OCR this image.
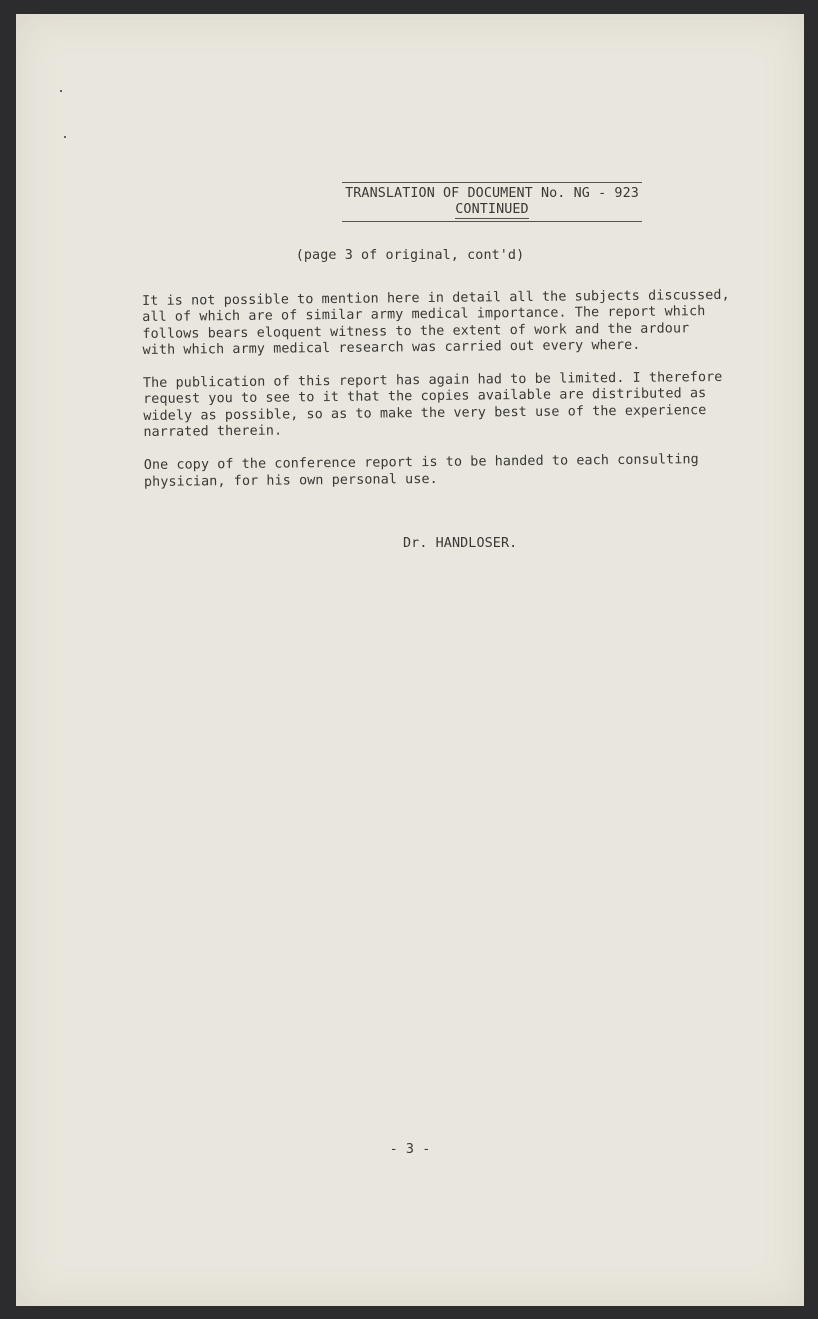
TRANSLATION OF DOCUMENT No. NG - 923
CONTINUED
(page 3 of original, cont'd)

It is not possible to mention here in detail all the subjects discussed,
all of which are of similar army medical importance. The report which
follows bears eloquent witness to the extent of work and the ardour
with which army medical research was carried out every where.

The publication of this report has again had to be limited. I therefore
request you to see to it that the copies available are distributed as
widely as possible, so as to make the very best use of the experience
narrated therein.

One copy of the conference report is to be handed to each consulting
physician, for his own personal use.

Dr. HANDLOSER.
- 3 -
